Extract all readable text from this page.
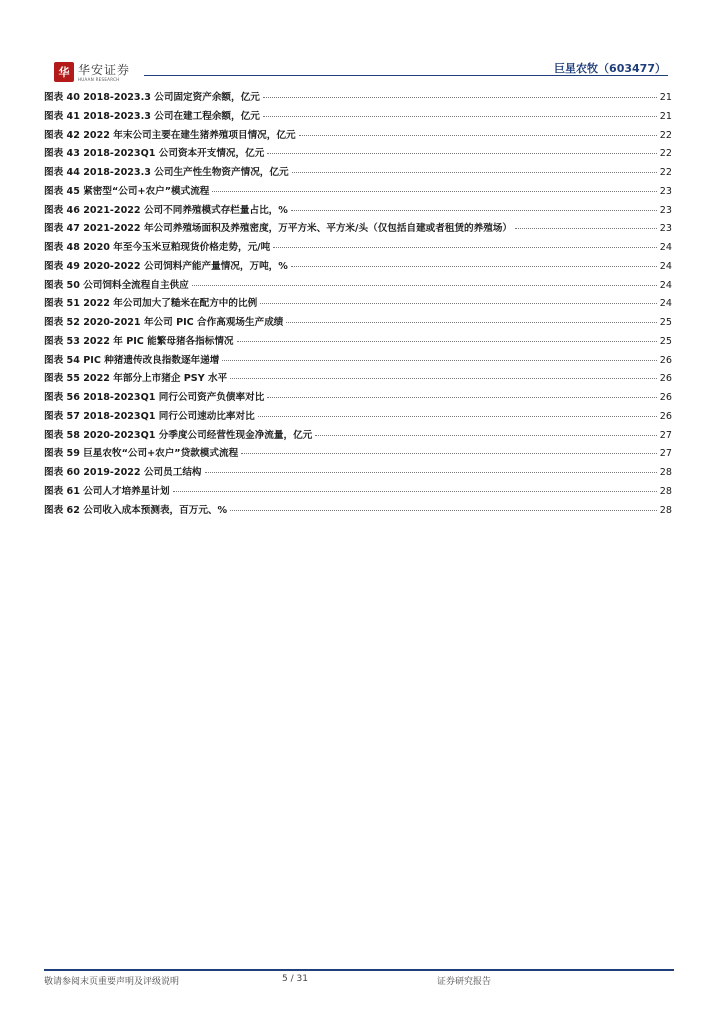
华 华安证券
HUAAN RESEARCH
巨星农牧（603477）
图表 40 2018-2023.3 公司固定资产余额，亿元	21
图表 41 2018-2023.3 公司在建工程余额，亿元	21
图表 42 2022 年末公司主要在建生猪养殖项目情况，亿元	22
图表 43 2018-2023Q1 公司资本开支情况，亿元	22
图表 44 2018-2023.3 公司生产性生物资产情况，亿元	22
图表 45 紧密型“公司+农户”模式流程	23
图表 46 2021-2022 公司不同养殖模式存栏量占比，%	23
图表 47 2021-2022 年公司养殖场面积及养殖密度，万平方米、平方米/头（仅包括自建或者租赁的养殖场）	23
图表 48 2020 年至今玉米豆粕现货价格走势，元/吨	24
图表 49 2020-2022 公司饲料产能产量情况，万吨，%	24
图表 50 公司饲料全流程自主供应	24
图表 51 2022 年公司加大了糙米在配方中的比例	24
图表 52 2020-2021 年公司 PIC 合作高观场生产成绩	25
图表 53 2022 年 PIC 能繁母猪各指标情况	25
图表 54 PIC 种猪遗传改良指数逐年递增	26
图表 55 2022 年部分上市猪企 PSY 水平	26
图表 56 2018-2023Q1 同行公司资产负债率对比	26
图表 57 2018-2023Q1 同行公司速动比率对比	26
图表 58 2020-2023Q1 分季度公司经营性现金净流量，亿元	27
图表 59 巨星农牧“公司+农户”贷款模式流程	27
图表 60 2019-2022 公司员工结构	28
图表 61 公司人才培养星计划	28
图表 62 公司收入成本预测表，百万元、%	28
敬请参阅末页重要声明及评级说明	5 / 31	证券研究报告
